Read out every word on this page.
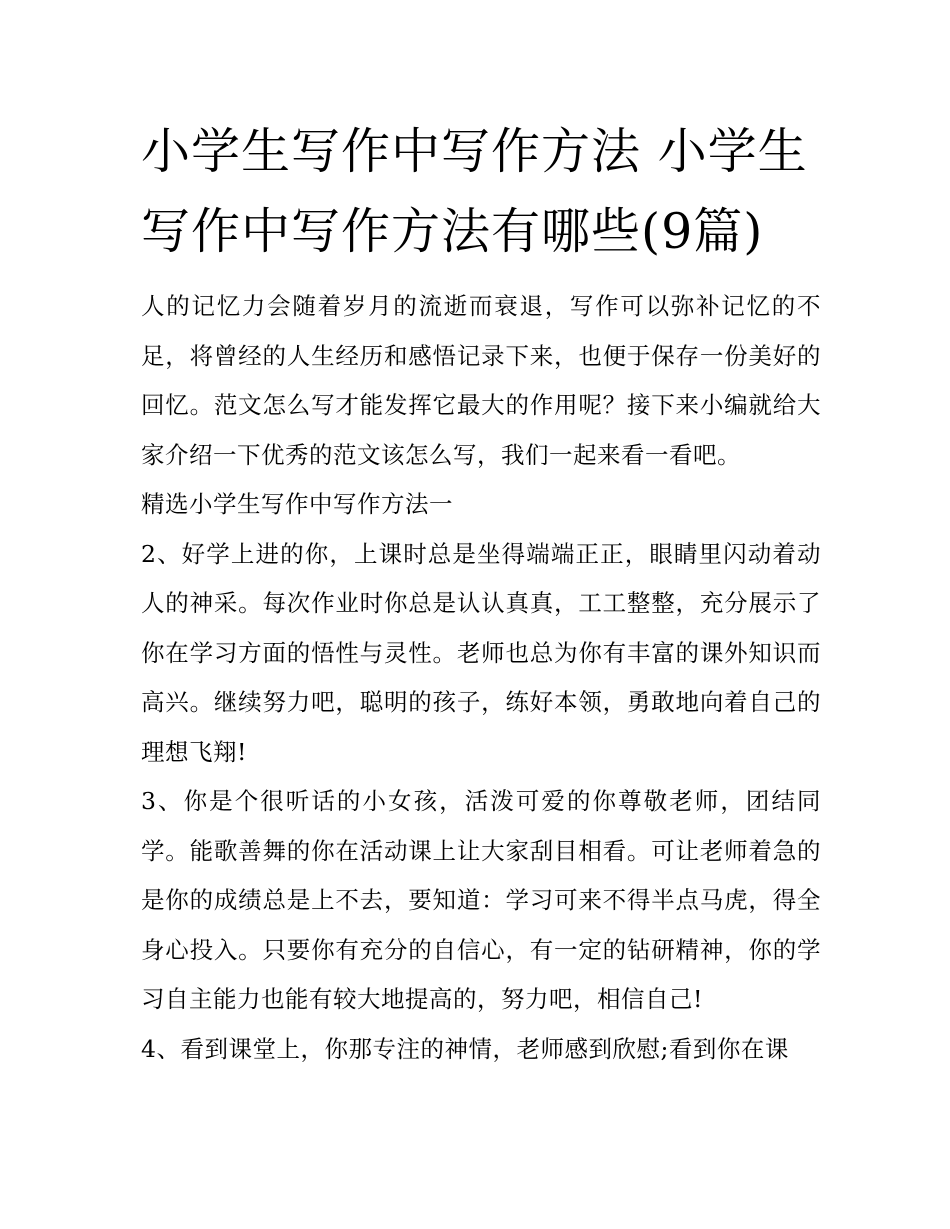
小学生写作中写作方法 小学生写作中写作方法有哪些(9篇)

人的记忆力会随着岁月的流逝而衰退，写作可以弥补记忆的不足，将曾经的人生经历和感悟记录下来，也便于保存一份美好的回忆。范文怎么写才能发挥它最大的作用呢？接下来小编就给大家介绍一下优秀的范文该怎么写，我们一起来看一看吧。

精选小学生写作中写作方法一

2、好学上进的你，上课时总是坐得端端正正，眼睛里闪动着动人的神采。每次作业时你总是认认真真，工工整整，充分展示了你在学习方面的悟性与灵性。老师也总为你有丰富的课外知识而高兴。继续努力吧，聪明的孩子，练好本领，勇敢地向着自己的理想飞翔!

3、你是个很听话的小女孩，活泼可爱的你尊敬老师，团结同学。能歌善舞的你在活动课上让大家刮目相看。可让老师着急的是你的成绩总是上不去，要知道：学习可来不得半点马虎，得全身心投入。只要你有充分的自信心，有一定的钻研精神，你的学习自主能力也能有较大地提高的，努力吧，相信自己!

4、看到课堂上，你那专注的神情，老师感到欣慰;看到你在课
